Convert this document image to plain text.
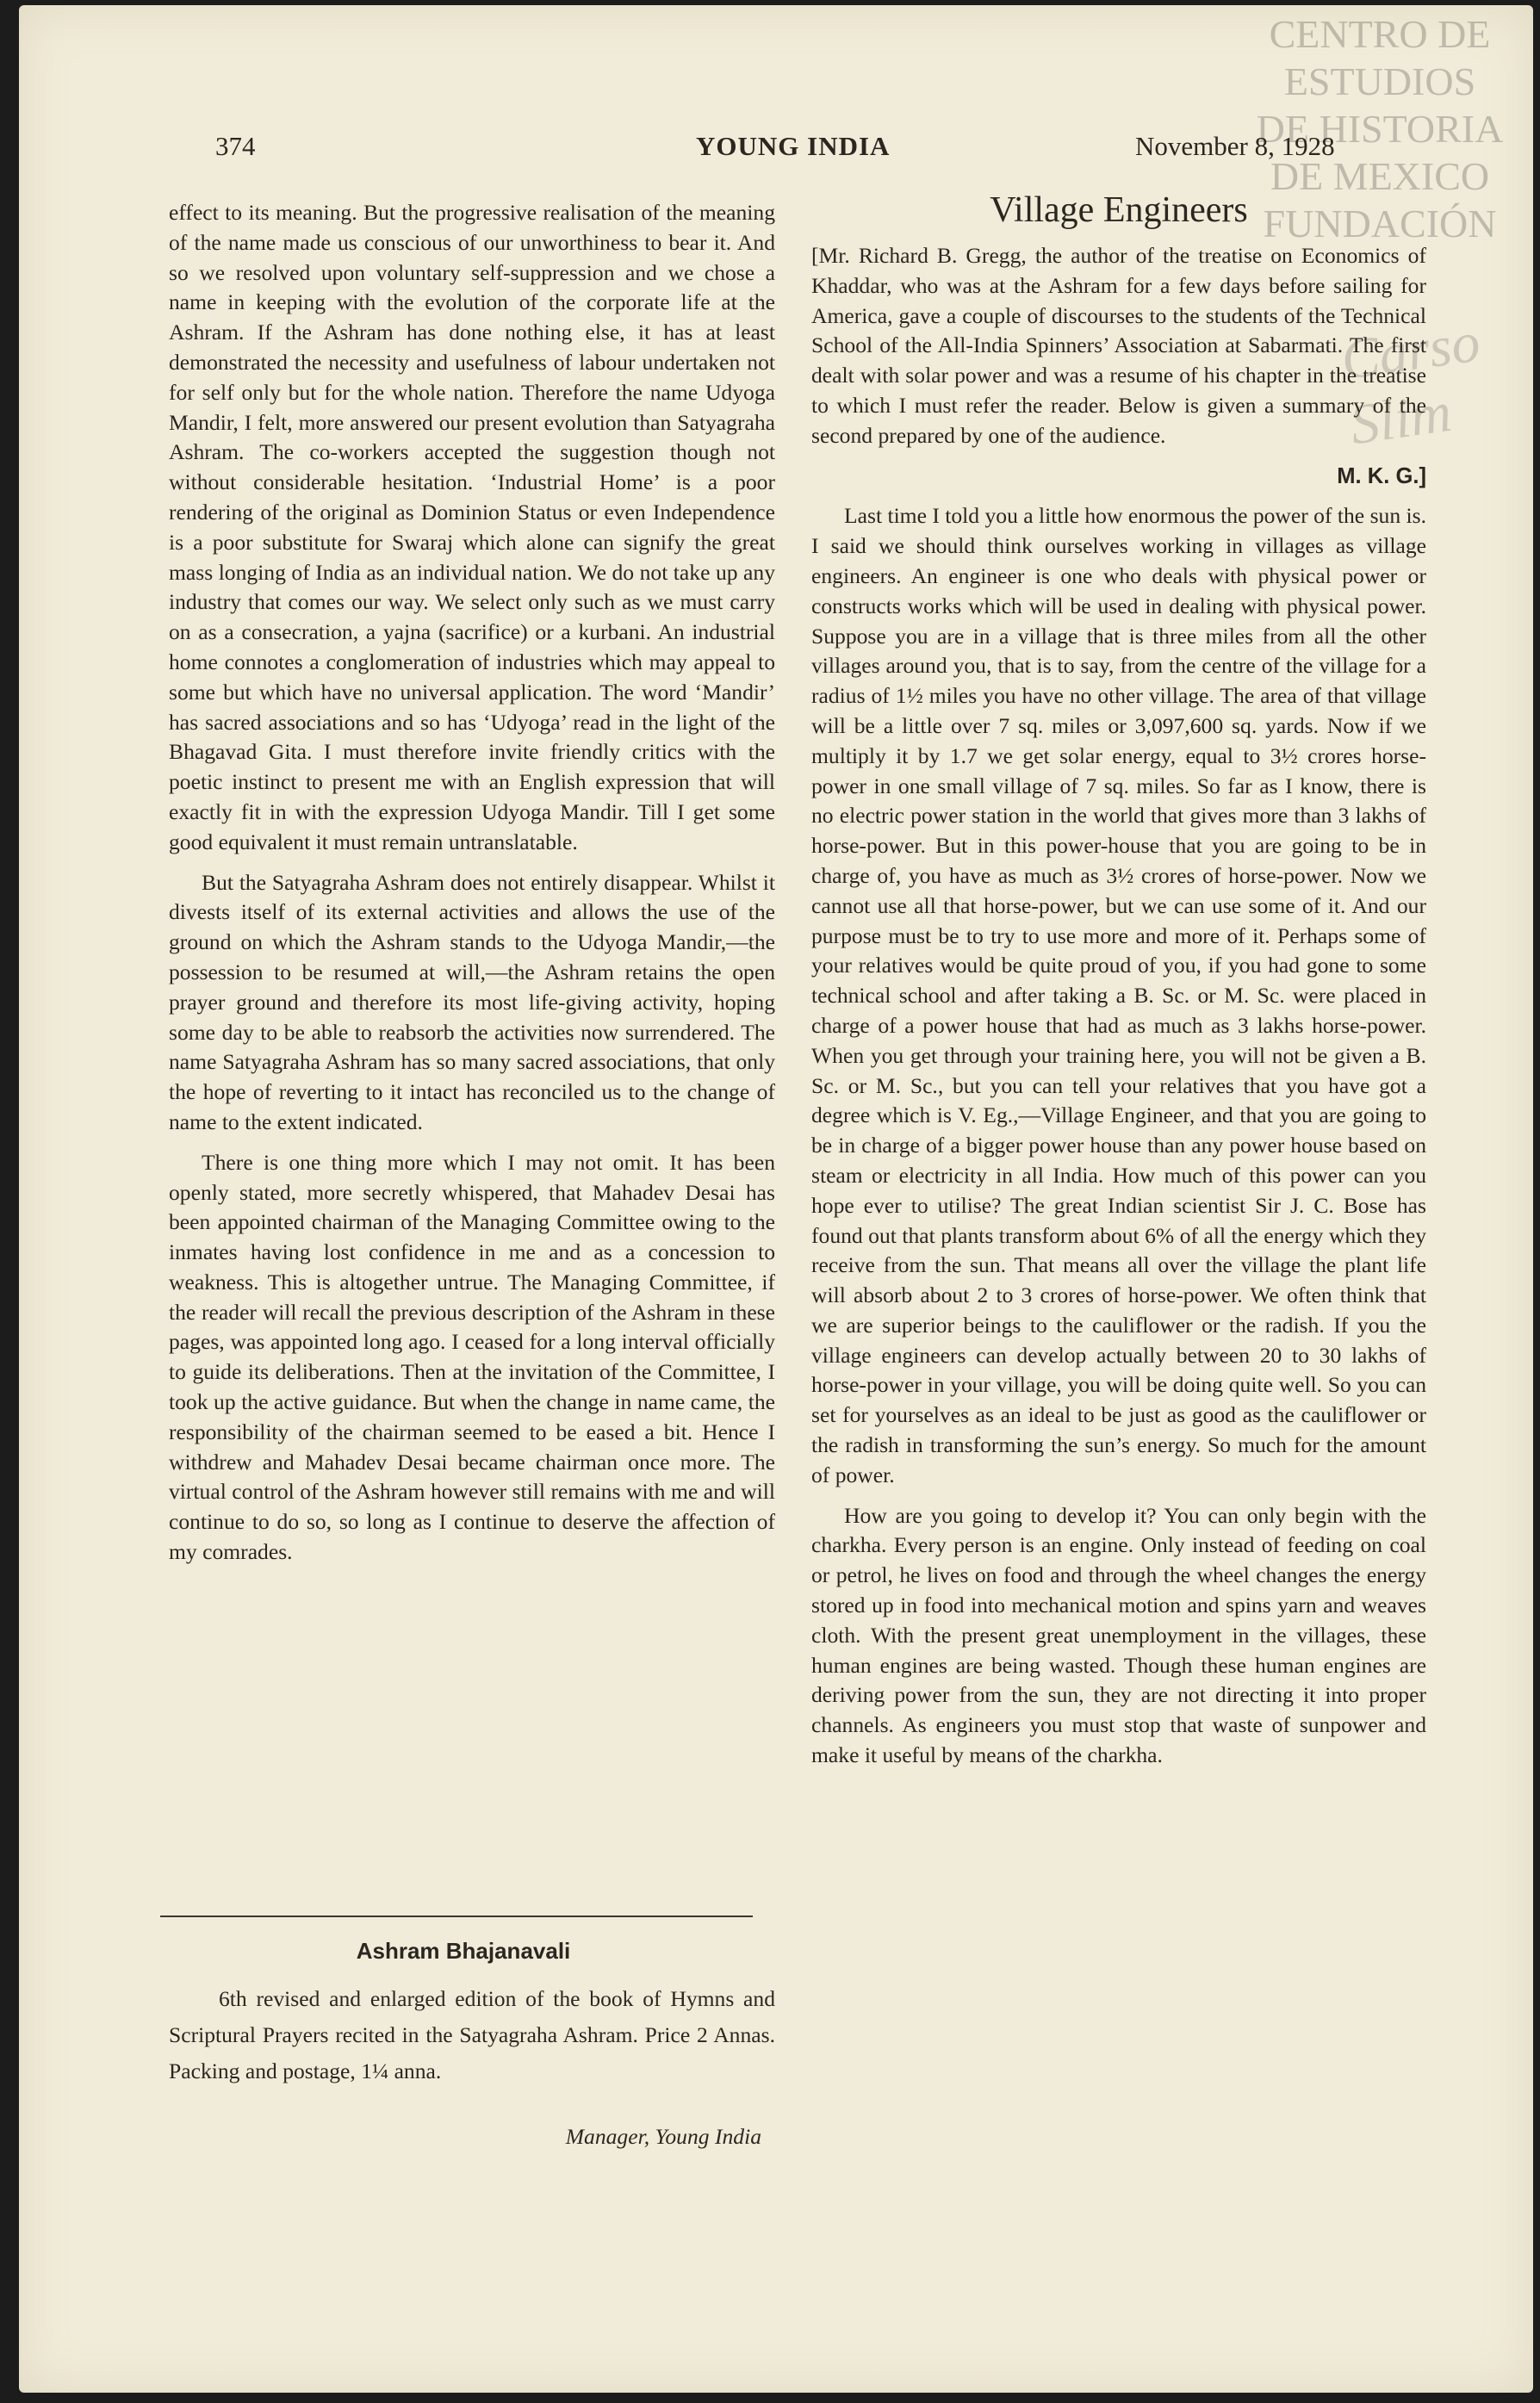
CENTRO DE
ESTUDIOS
DE HISTORIA
DE MEXICO
FUNDACIÓN
Carso Slim
374	YOUNG INDIA	November 8, 1928

effect to its meaning. But the progressive realisation of the meaning of the name made us conscious of our unworthiness to bear it. And so we resolved upon voluntary self-suppression and we chose a name in keeping with the evolution of the corporate life at the Ashram. If the Ashram has done nothing else, it has at least demonstrated the necessity and usefulness of labour undertaken not for self only but for the whole nation. Therefore the name Udyoga Mandir, I felt, more answered our present evolution than Satyagraha Ashram. The co-workers accepted the suggestion though not without considerable hesitation. ‘Industrial Home’ is a poor rendering of the original as Dominion Status or even Independence is a poor substitute for Swaraj which alone can signify the great mass longing of India as an individual nation. We do not take up any industry that comes our way. We select only such as we must carry on as a consecration, a yajna (sacrifice) or a kurbani. An industrial home connotes a conglomeration of industries which may appeal to some but which have no universal application. The word ‘Mandir’ has sacred associations and so has ‘Udyoga’ read in the light of the Bhagavad Gita. I must therefore invite friendly critics with the poetic instinct to present me with an English expression that will exactly fit in with the expression Udyoga Mandir. Till I get some good equivalent it must remain untranslatable.

But the Satyagraha Ashram does not entirely disappear. Whilst it divests itself of its external activities and allows the use of the ground on which the Ashram stands to the Udyoga Mandir,—the possession to be resumed at will,—the Ashram retains the open prayer ground and therefore its most life-giving activity, hoping some day to be able to reabsorb the activities now surrendered. The name Satyagraha Ashram has so many sacred associations, that only the hope of reverting to it intact has reconciled us to the change of name to the extent indicated.

There is one thing more which I may not omit. It has been openly stated, more secretly whispered, that Mahadev Desai has been appointed chairman of the Managing Committee owing to the inmates having lost confidence in me and as a concession to weakness. This is altogether untrue. The Managing Committee, if the reader will recall the previous description of the Ashram in these pages, was appointed long ago. I ceased for a long interval officially to guide its deliberations. Then at the invitation of the Committee, I took up the active guidance. But when the change in name came, the responsibility of the chairman seemed to be eased a bit. Hence I withdrew and Mahadev Desai became chairman once more. The virtual control of the Ashram however still remains with me and will continue to do so, so long as I continue to deserve the affection of my comrades.

Ashram Bhajanavali

6th revised and enlarged edition of the book of Hymns and Scriptural Prayers recited in the Satyagraha Ashram. Price 2 Annas. Packing and postage, 1¼ anna.

Manager, Young India
Village Engineers

[Mr. Richard B. Gregg, the author of the treatise on Economics of Khaddar, who was at the Ashram for a few days before sailing for America, gave a couple of discourses to the students of the Technical School of the All-India Spinners’ Association at Sabarmati. The first dealt with solar power and was a resume of his chapter in the treatise to which I must refer the reader. Below is given a summary of the second prepared by one of the audience.

M. K. G.]

Last time I told you a little how enormous the power of the sun is. I said we should think ourselves working in villages as village engineers. An engineer is one who deals with physical power or constructs works which will be used in dealing with physical power. Suppose you are in a village that is three miles from all the other villages around you, that is to say, from the centre of the village for a radius of 1½ miles you have no other village. The area of that village will be a little over 7 sq. miles or 3,097,600 sq. yards. Now if we multiply it by 1.7 we get solar energy, equal to 3½ crores horse-power in one small village of 7 sq. miles. So far as I know, there is no electric power station in the world that gives more than 3 lakhs of horse-power. But in this power-house that you are going to be in charge of, you have as much as 3½ crores of horse-power. Now we cannot use all that horse-power, but we can use some of it. And our purpose must be to try to use more and more of it. Perhaps some of your relatives would be quite proud of you, if you had gone to some technical school and after taking a B. Sc. or M. Sc. were placed in charge of a power house that had as much as 3 lakhs horse-power. When you get through your training here, you will not be given a B. Sc. or M. Sc., but you can tell your relatives that you have got a degree which is V. Eg.,—Village Engineer, and that you are going to be in charge of a bigger power house than any power house based on steam or electricity in all India. How much of this power can you hope ever to utilise? The great Indian scientist Sir J. C. Bose has found out that plants transform about 6% of all the energy which they receive from the sun. That means all over the village the plant life will absorb about 2 to 3 crores of horse-power. We often think that we are superior beings to the cauliflower or the radish. If you the village engineers can develop actually between 20 to 30 lakhs of horse-power in your village, you will be doing quite well. So you can set for yourselves as an ideal to be just as good as the cauliflower or the radish in transforming the sun’s energy. So much for the amount of power.

How are you going to develop it? You can only begin with the charkha. Every person is an engine. Only instead of feeding on coal or petrol, he lives on food and through the wheel changes the energy stored up in food into mechanical motion and spins yarn and weaves cloth. With the present great unemployment in the villages, these human engines are being wasted. Though these human engines are deriving power from the sun, they are not directing it into proper channels. As engineers you must stop that waste of sunpower and make it useful by means of the charkha.
